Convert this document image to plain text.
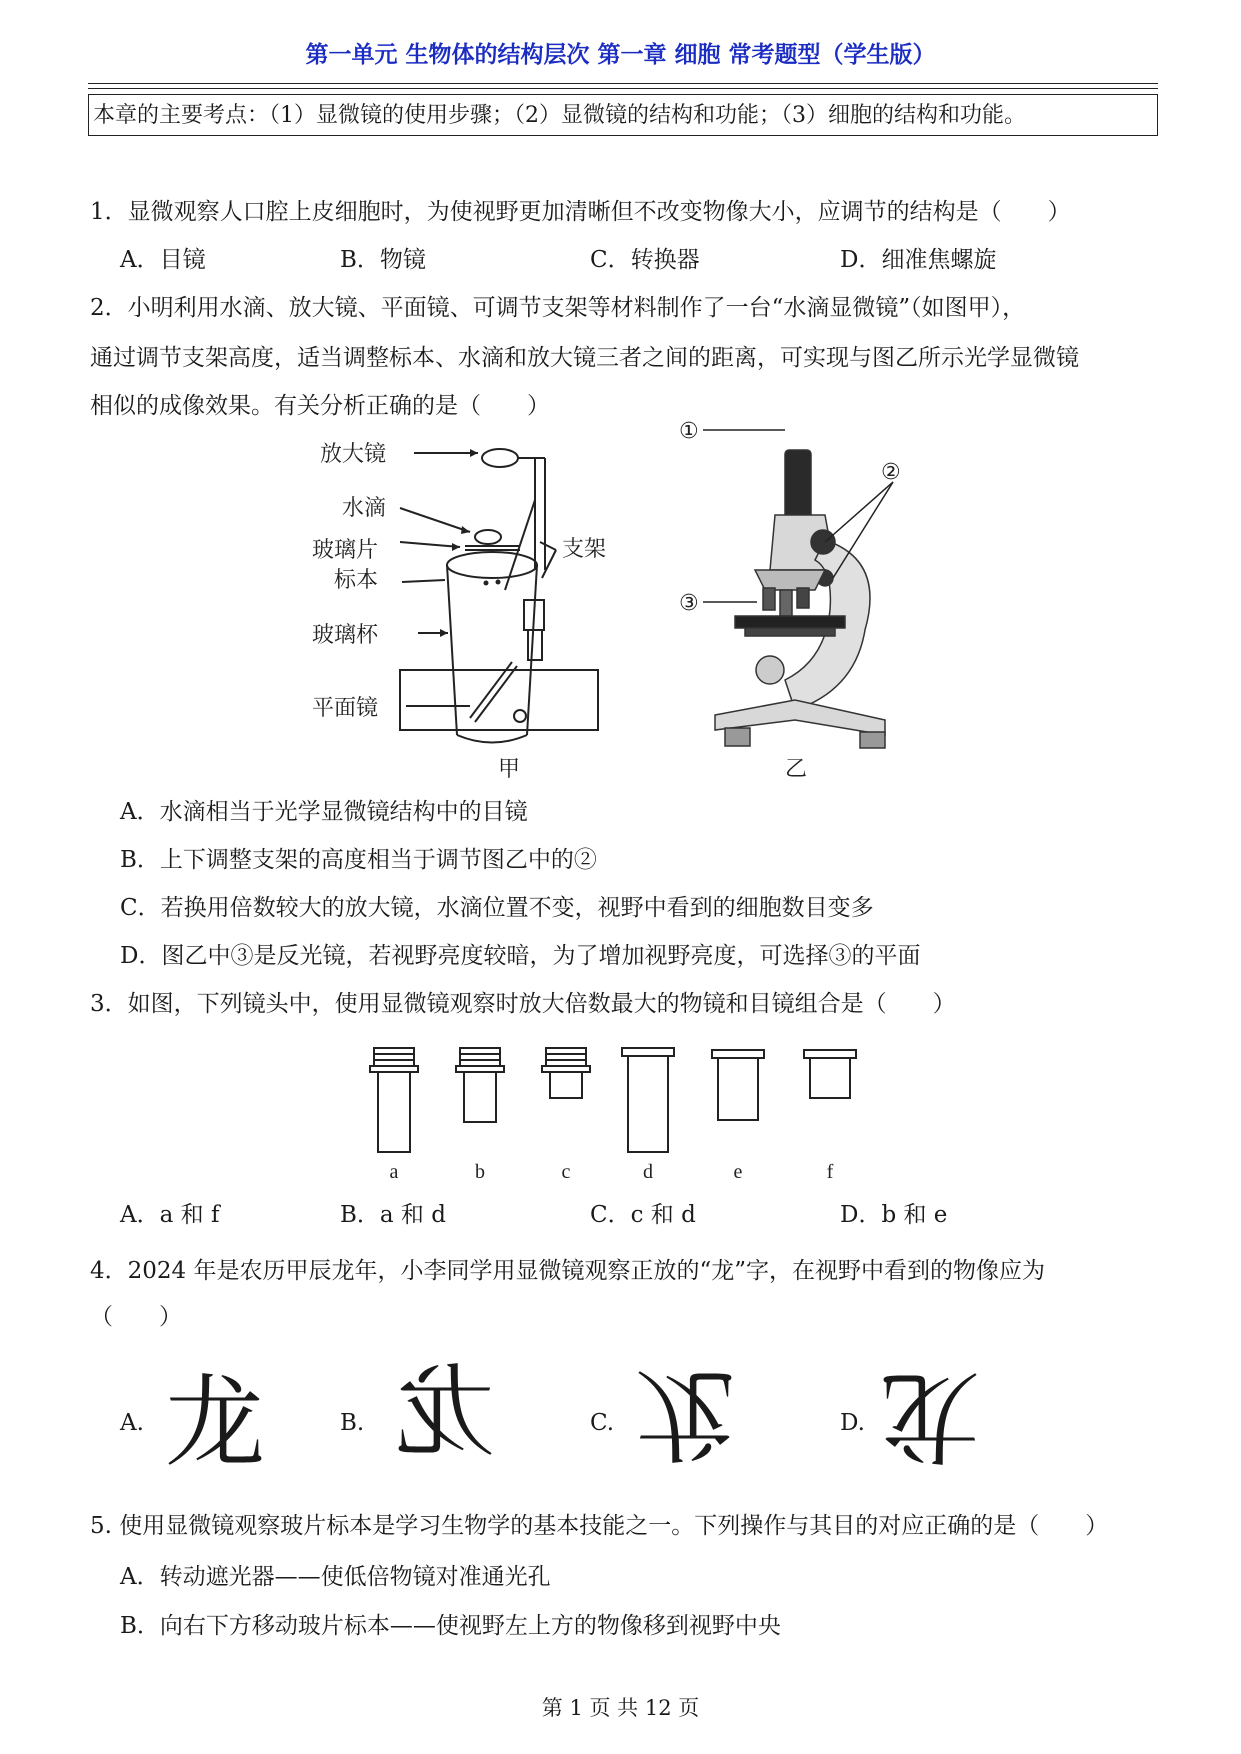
第一单元 生物体的结构层次 第一章 细胞 常考题型（学生版）
本章的主要考点：（1）显微镜的使用步骤；（2）显微镜的结构和功能；（3）细胞的结构和功能。
1．显微观察人口腔上皮细胞时，为使视野更加清晰但不改变物像大小，应调节的结构是（　　）
A．目镜	B．物镜	C．转换器	D．细准焦螺旋
2．小明利用水滴、放大镜、平面镜、可调节支架等材料制作了一台“水滴显微镜”（如图甲），
通过调节支架高度，适当调整标本、水滴和放大镜三者之间的距离，可实现与图乙所示光学显微镜
相似的成像效果。有关分析正确的是（　　）
放大镜
水滴
玻璃片
标本
玻璃杯
平面镜
支架
甲
①
②
③
乙
A．水滴相当于光学显微镜结构中的目镜
B．上下调整支架的高度相当于调节图乙中的②
C．若换用倍数较大的放大镜，水滴位置不变，视野中看到的细胞数目变多
D．图乙中③是反光镜，若视野亮度较暗，为了增加视野亮度，可选择③的平面
3．如图，下列镜头中，使用显微镜观察时放大倍数最大的物镜和目镜组合是（　　）
a	b	c	d	e	f
A．a 和 f	B．a 和 d	C．c 和 d	D．b 和 e
4．2024 年是农历甲辰龙年，小李同学用显微镜观察正放的“龙”字，在视野中看到的物像应为
（　　）
A.	B.	C.	D.
龙 龙 龙 龙
5. 使用显微镜观察玻片标本是学习生物学的基本技能之一。下列操作与其目的对应正确的是（　　）
A．转动遮光器——使低倍物镜对准通光孔
B．向右下方移动玻片标本——使视野左上方的物像移到视野中央
第 1 页 共 12 页
